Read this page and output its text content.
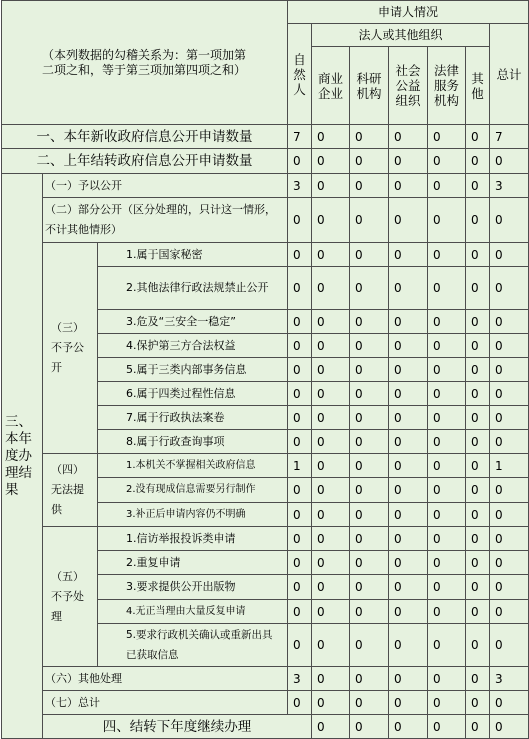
（本列数据的勾稽关系为：第一项加第二项之和，等于第三项加第四项之和）			申请人情况							
			自然人	法人或其他组织					总计	
				商业企业	科研机构	社会公益组织	法律服务机构	其他		
一、本年新收政府信息公开申请数量			7	0	0	0	0	0	7	
二、上年结转政府信息公开申请数量			0	0	0	0	0	0	0	
三、本年度办理结果	（一）予以公开		3	0	0	0	0	0	3	
	（二）部分公开（区分处理的，只计这一情形，不计其他情形）		0	0	0	0	0	0	0	
	（三）不予公开	1.属于国家秘密	0	0	0	0	0	0	0	
		2.其他法律行政法规禁止公开	0	0	0	0	0	0	0	
		3.危及“三安全一稳定”	0	0	0	0	0	0	0	
		4.保护第三方合法权益	0	0	0	0	0	0	0	
		5.属于三类内部事务信息	0	0	0	0	0	0	0	
		6.属于四类过程性信息	0	0	0	0	0	0	0	
		7.属于行政执法案卷	0	0	0	0	0	0	0	
		8.属于行政查询事项	0	0	0	0	0	0	0	
	（四）无法提供	1.本机关不掌握相关政府信息	1	0	0	0	0	0	1	
		2.没有现成信息需要另行制作	0	0	0	0	0	0	0	
		3.补正后申请内容仍不明确	0	0	0	0	0	0	0	
	（五）不予处理	1.信访举报投诉类申请	0	0	0	0	0	0	0	
		2.重复申请	0	0	0	0	0	0	0	
		3.要求提供公开出版物	0	0	0	0	0	0	0	
		4.无正当理由大量反复申请	0	0	0	0	0	0	0	
		5.要求行政机关确认或重新出具已获取信息	0	0	0	0	0	0	0	
	（六）其他处理		3	0	0	0	0	0	3	
	（七）总计		0	0	0	0	0	0	0	
	四、结转下年度继续办理			0	0	0	0	0	0	
